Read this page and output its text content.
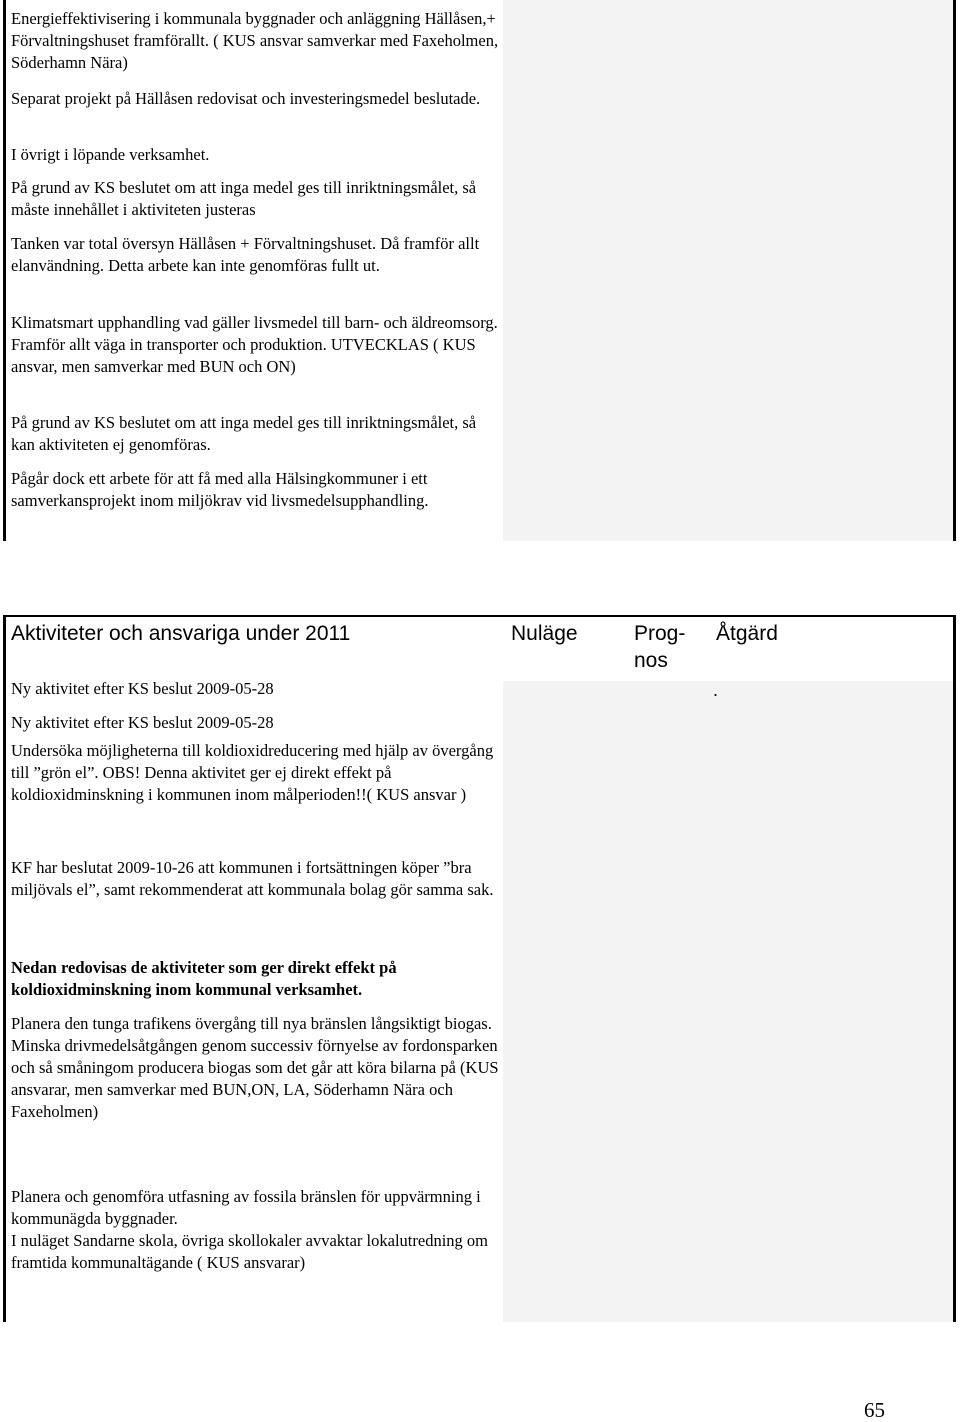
Energieffektivisering i kommunala byggnader och anläggning Hällåsen,+ Förvaltningshuset framförallt. ( KUS ansvar samverkar med Faxeholmen, Söderhamn Nära)

Separat projekt på Hällåsen redovisat och investeringsmedel beslutade.

I övrigt i löpande verksamhet.

På grund av KS beslutet om att inga medel ges till inriktningsmålet, så måste innehållet i aktiviteten justeras

Tanken var total översyn Hällåsen + Förvaltningshuset. Då framför allt elanvändning. Detta arbete kan inte genomföras fullt ut.

Klimatsmart upphandling vad gäller livsmedel till barn- och äldreomsorg. Framför allt väga in transporter och produktion. UTVECKLAS ( KUS ansvar, men samverkar med BUN och ON)

På grund av KS beslutet om att inga medel ges till inriktningsmålet, så kan aktiviteten ej genomföras.

Pågår dock ett arbete för att få med alla Hälsingkommuner i ett samverkansprojekt inom miljökrav vid livsmedelsupphandling.

Aktiviteter och ansvariga under 2011	Nuläge	Prog-
nos
Åtgärd
.

Ny aktivitet efter KS beslut 2009-05-28

Ny aktivitet efter KS beslut 2009-05-28

Undersöka möjligheterna till koldioxidreducering med hjälp av övergång till ”grön el”. OBS! Denna aktivitet ger ej direkt effekt på koldioxidminskning i kommunen inom målperioden!!( KUS ansvar )

KF har beslutat 2009-10-26 att kommunen i fortsättningen köper ”bra miljövals el”, samt rekommenderat att kommunala bolag gör samma sak.

Nedan redovisas de aktiviteter som ger direkt effekt på koldioxidminskning inom kommunal verksamhet.

Planera den tunga trafikens övergång till nya bränslen långsiktigt biogas. Minska drivmedelsåtgången genom successiv förnyelse av fordonsparken och så småningom producera biogas som det går att köra bilarna på (KUS ansvarar, men samverkar med BUN,ON, LA, Söderhamn Nära och Faxeholmen)

Planera och genomföra utfasning av fossila bränslen för uppvärmning i kommunägda byggnader.
I nuläget Sandarne skola, övriga skollokaler avvaktar lokalutredning om framtida kommunaltägande ( KUS ansvarar)

65
